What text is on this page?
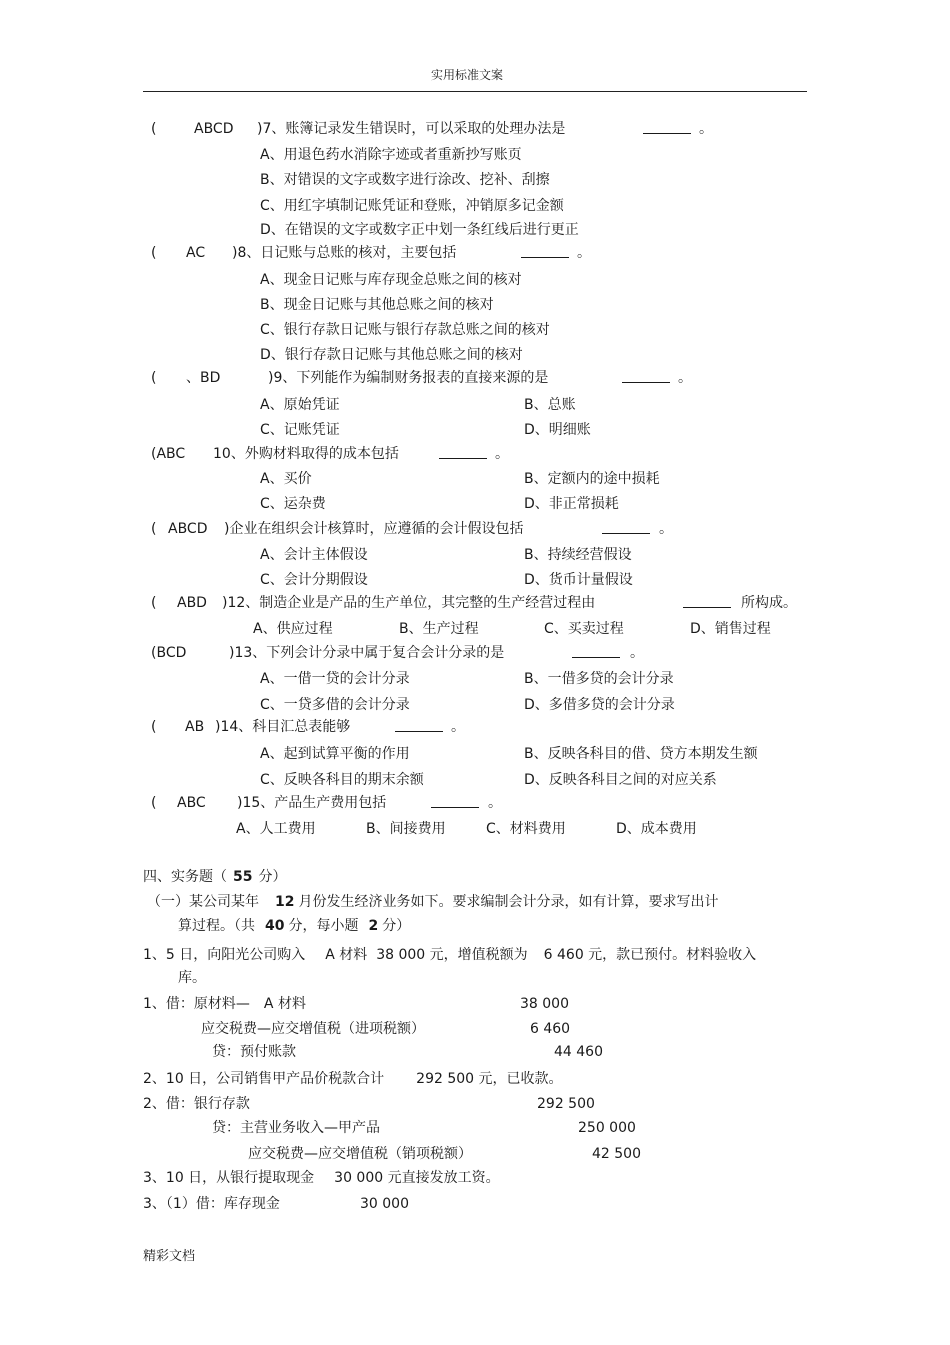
实用标准文案
(	ABCD )7、账簿记录发生错误时，可以采取的处理办法是	。
A、用退色药水消除字迹或者重新抄写账页
B、对错误的文字或数字进行涂改、挖补、刮擦
C、用红字填制记账凭证和登账，冲销原多记金额
D、在错误的文字或数字正中划一条红线后进行更正
( AC )8、日记账与总账的核对，主要包括	。
A、现金日记账与库存现金总账之间的核对
B、现金日记账与其他总账之间的核对
C、银行存款日记账与银行存款总账之间的核对
D、银行存款日记账与其他总账之间的核对
( 、BD	)9、下列能作为编制财务报表的直接来源的是	。
A、原始凭证	B、总账
C、记账凭证	D、明细账
(ABC 10、外购材料取得的成本包括	。
A、买价	B、定额内的途中损耗
C、运杂费	D、非正常损耗
( ABCD )企业在组织会计核算时，应遵循的会计假设包括	。
A、会计主体假设	B、持续经营假设
C、会计分期假设	D、货币计量假设
( ABD )12、制造企业是产品的生产单位，其完整的生产经营过程由	所构成。
A、供应过程	B、生产过程	C、买卖过程	D、销售过程
(BCD	)13、下列会计分录中属于复合会计分录的是	。
A、一借一贷的会计分录	B、一借多贷的会计分录
C、一贷多借的会计分录	D、多借多贷的会计分录
( AB )14、科目汇总表能够	。
A、起到试算平衡的作用	B、反映各科目的借、贷方本期发生额
C、反映各科目的期末余额	D、反映各科目之间的对应关系
( ABC )15、产品生产费用包括	。
A、人工费用	B、间接费用	C、材料费用	D、成本费用
四、实务题（ 55 分）
（一）某公司某年 12 月份发生经济业务如下。要求编制会计分录，如有计算，要求写出计
算过程。（共 40 分，每小题 2 分）
1、5 日，向阳光公司购入 A 材料  38 000 元，增值税额为 6 460 元，款已预付。材料验收入
库。
1、借：原材料— A 材料	38 000
应交税费—应交增值税（进项税额）	6 460
贷：预付账款	44 460
2、10 日，公司销售甲产品价税款合计 292 500 元，已收款。
2、借：银行存款	292 500
贷：主营业务收入—甲产品	250 000
应交税费—应交增值税（销项税额）	42 500
3、10 日，从银行提取现金 30 000 元直接发放工资。
3、（1）借：库存现金	30 000
精彩文档
